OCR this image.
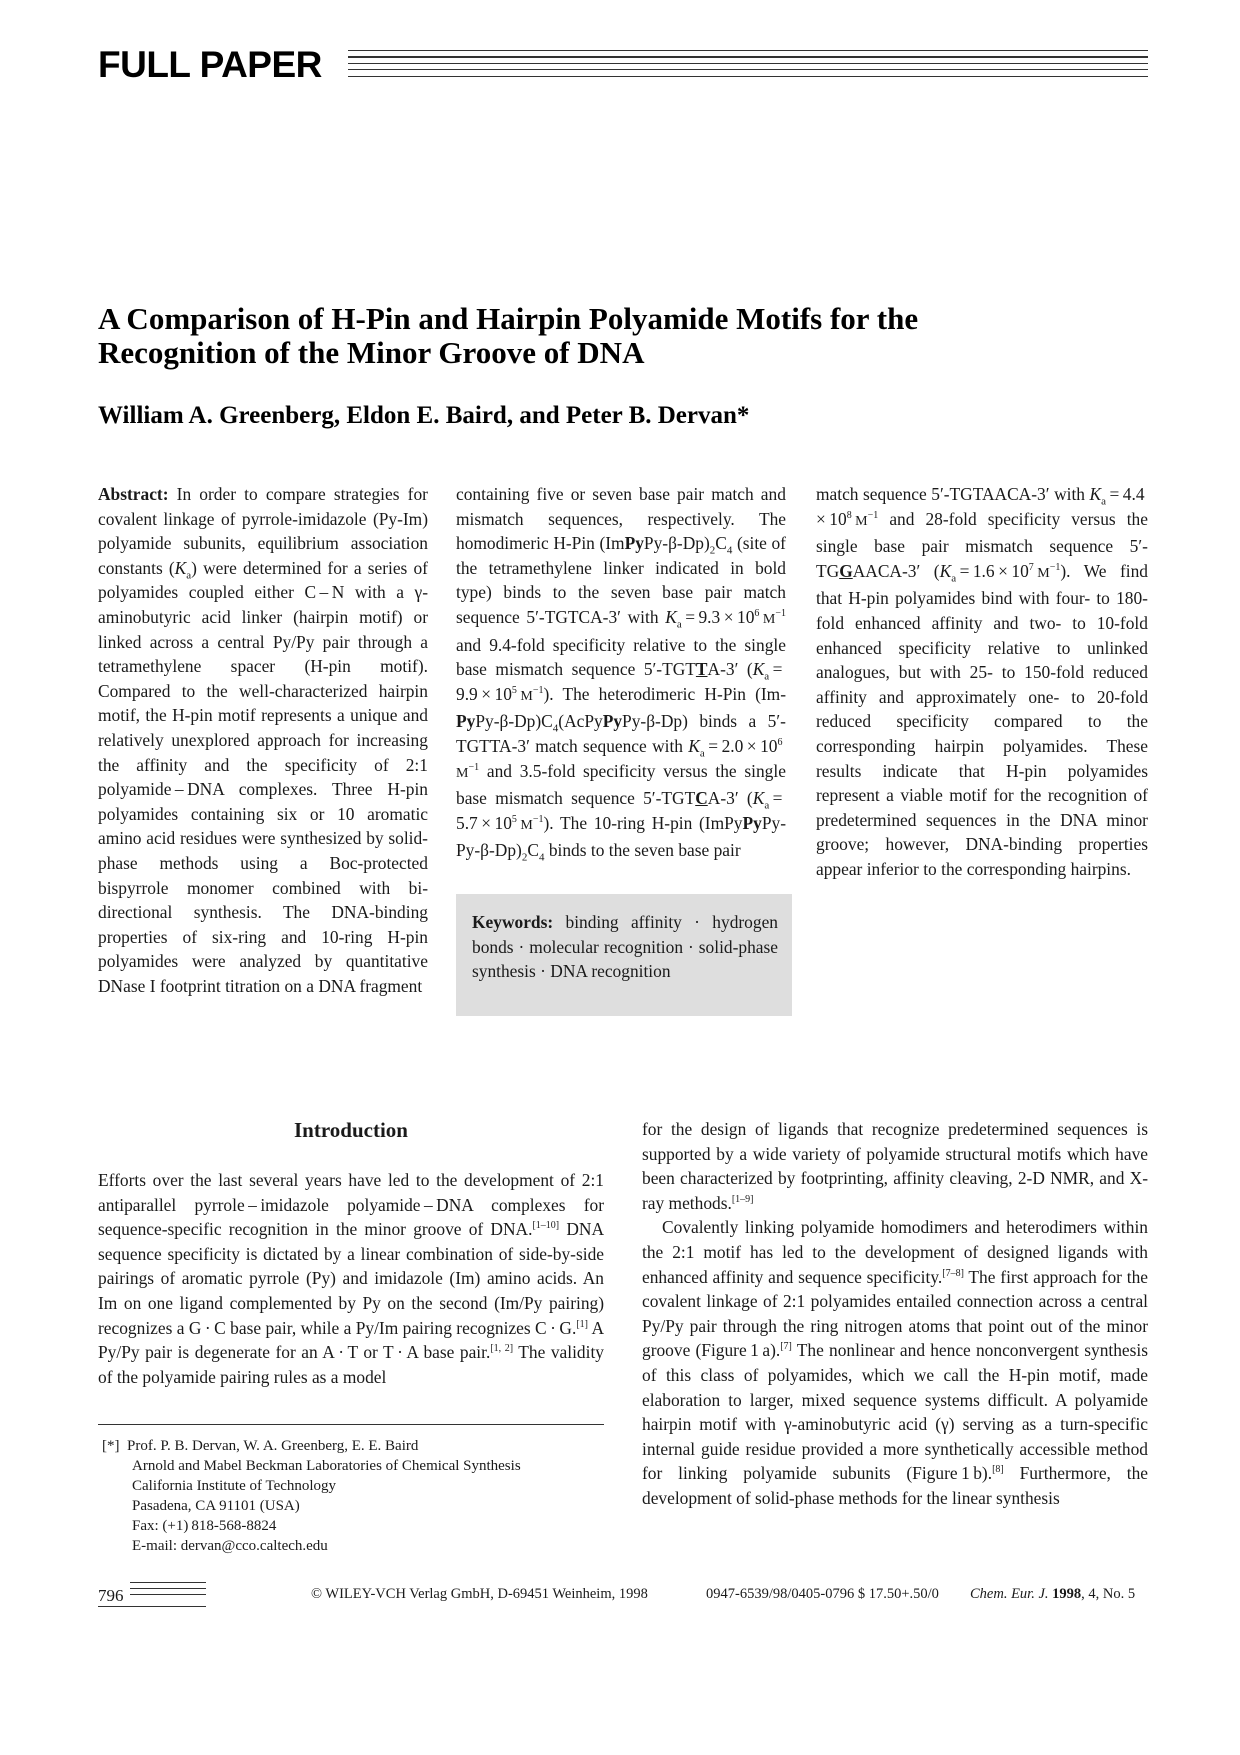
FULL PAPER
A Comparison of H-Pin and Hairpin Polyamide Motifs for the
Recognition of the Minor Groove of DNA
William A. Greenberg, Eldon E. Baird, and Peter B. Dervan*
Abstract: In order to compare strategies for covalent linkage of pyrrole-imidazole (Py-Im) polyamide subunits, equilibrium association constants $(K_a)$ were determined for a series of polyamides coupled either C  –  N with a γ-aminobutyric acid linker (hairpin motif) or linked across a central Py/Py pair through a tetramethylene spacer (H-pin motif). Compared to the well-characterized hairpin motif, the H-pin motif represents a unique and relatively unexplored approach for increasing the affinity and the specificity of 2:1 polyamide  –  DNA complexes. Three H-pin polyamides containing six or 10 aromatic amino acid residues were synthesized by solid-phase methods using a Boc-protected bispyrrole monomer combined with bi-directional synthesis. The DNA-binding properties of six-ring and 10-ring H-pin polyamides were analyzed by quantitative DNase I footprint titration on a DNA fragment
containing five or seven base pair match and mismatch sequences, respectively. The homodimeric H-Pin $(ImPyPy-\beta-Dp)_2C_4$ (site of the tetramethylene linker indicated in bold type) binds to the seven base pair match sequence 5′-TGTCA-3′ with $K_a = 9.3 \times 10^6$  $M^{-1}$ and 9.4-fold specificity relative to the single base mismatch sequence 5′-TGTTA-3′ ($K_a = 9.9 \times 10^5$  $M^{-1}$). The heterodimeric H-Pin $(Im-PyPy-\beta-Dp)C_4(AcPyPyPy-\beta-Dp)$ binds a 5′-TGTTA-3′ match sequence with $K_a = 2.0 \times 10^6$ $M^{-1}$ and 3.5-fold specificity versus the single base mismatch sequence 5′-TGTCA-3′ ($K_a = 5.7 \times 10^5$  $M^{-1}$). The 10-ring H-pin $(ImPyPyPy-Py-\beta-Dp)_2C_4$ binds to the seven base pair
match sequence 5′-TGTAACA-3′ with $K_a = 4.4 \times 10^8$  $M^{-1}$ and 28-fold specificity versus the single base pair mismatch sequence 5′-TGGAACA-3′ ($K_a = 1.6 \times 10^7$  $M^{-1}$). We find that H-pin polyamides bind with four- to 180-fold enhanced affinity and two- to 10-fold enhanced specificity relative to unlinked analogues, but with 25- to 150-fold reduced affinity and approximately one- to 20-fold reduced specificity compared to the corresponding hairpin polyamides. These results indicate that H-pin polyamides represent a viable motif for the recognition of predetermined sequences in the DNA minor groove; however, DNA-binding properties appear inferior to the corresponding hairpins.
Keywords: binding affinity · hydrogen bonds · molecular recognition · solid-phase synthesis · DNA recognition
Introduction
Efforts over the last several years have led to the development of 2:1 antiparallel pyrrole – imidazole polyamide – DNA complexes for sequence-specific recognition in the minor groove of DNA.[1–10] DNA sequence specificity is dictated by a linear combination of side-by-side pairings of aromatic pyrrole (Py) and imidazole (Im) amino acids. An Im on one ligand complemented by Py on the second (Im/Py pairing) recognizes a G · C base pair, while a Py/Im pairing recognizes C · G.[1] A Py/Py pair is degenerate for an A · T or T · A base pair.[1, 2] The validity of the polyamide pairing rules as a model

for the design of ligands that recognize predetermined sequences is supported by a wide variety of polyamide structural motifs which have been characterized by footprinting, affinity cleaving, 2-D NMR, and X-ray methods.[1–9]

Covalently linking polyamide homodimers and heterodimers within the 2:1 motif has led to the development of designed ligands with enhanced affinity and sequence specificity.[7–8] The first approach for the covalent linkage of 2:1 polyamides entailed connection across a central Py/Py pair through the ring nitrogen atoms that point out of the minor groove (Figure 1 a).[7] The nonlinear and hence nonconvergent synthesis of this class of polyamides, which we call the H-pin motif, made elaboration to larger, mixed sequence systems difficult. A polyamide hairpin motif with γ-aminobutyric acid (γ) serving as a turn-specific internal guide residue provided a more synthetically accessible method for linking polyamide subunits (Figure 1 b).[8] Furthermore, the development of solid-phase methods for the linear synthesis

[*] Prof. P. B. Dervan, W. A. Greenberg, E. E. Baird
Arnold and Mabel Beckman Laboratories of Chemical Synthesis
California Institute of Technology
Pasadena, CA 91101 (USA)
Fax: (+1) 818-568-8824
E-mail: dervan@cco.caltech.edu
796	© WILEY-VCH Verlag GmbH, D-69451 Weinheim, 1998	0947-6539/98/0405-0796 $ 17.50+.50/0 Chem. Eur. J. 1998, 4, No. 5
